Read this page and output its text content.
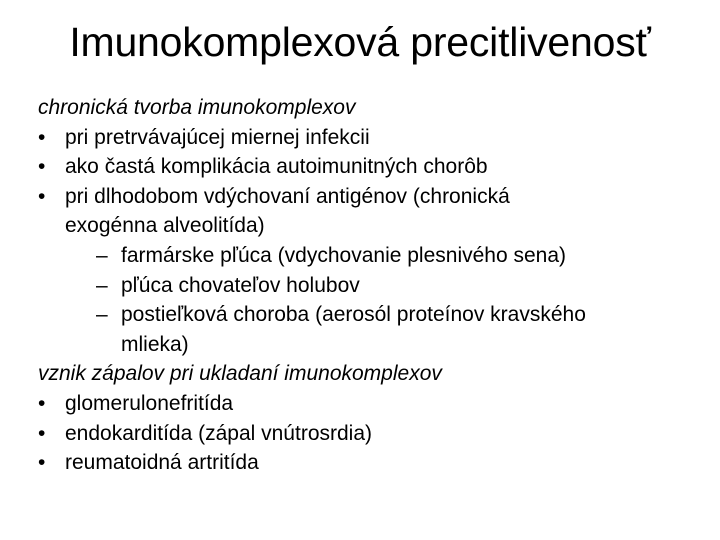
Imunokomplexová precitlivenosť
chronická tvorba imunokomplexov
• pri pretrvávajúcej miernej infekcii
• ako častá komplikácia autoimunitných chorôb
• pri dlhodobom vdýchovaní antigénov (chronická exogénna alveolitída)
– farmárske pľúca (vdychovanie plesnivého sena)
– pľúca chovateľov holubov
– postieľková choroba (aerosól proteínov kravského mlieka)
vznik zápalov pri ukladaní imunokomplexov
• glomerulonefritída
• endokarditída (zápal vnútrosrdia)
• reumatoidná artritída
